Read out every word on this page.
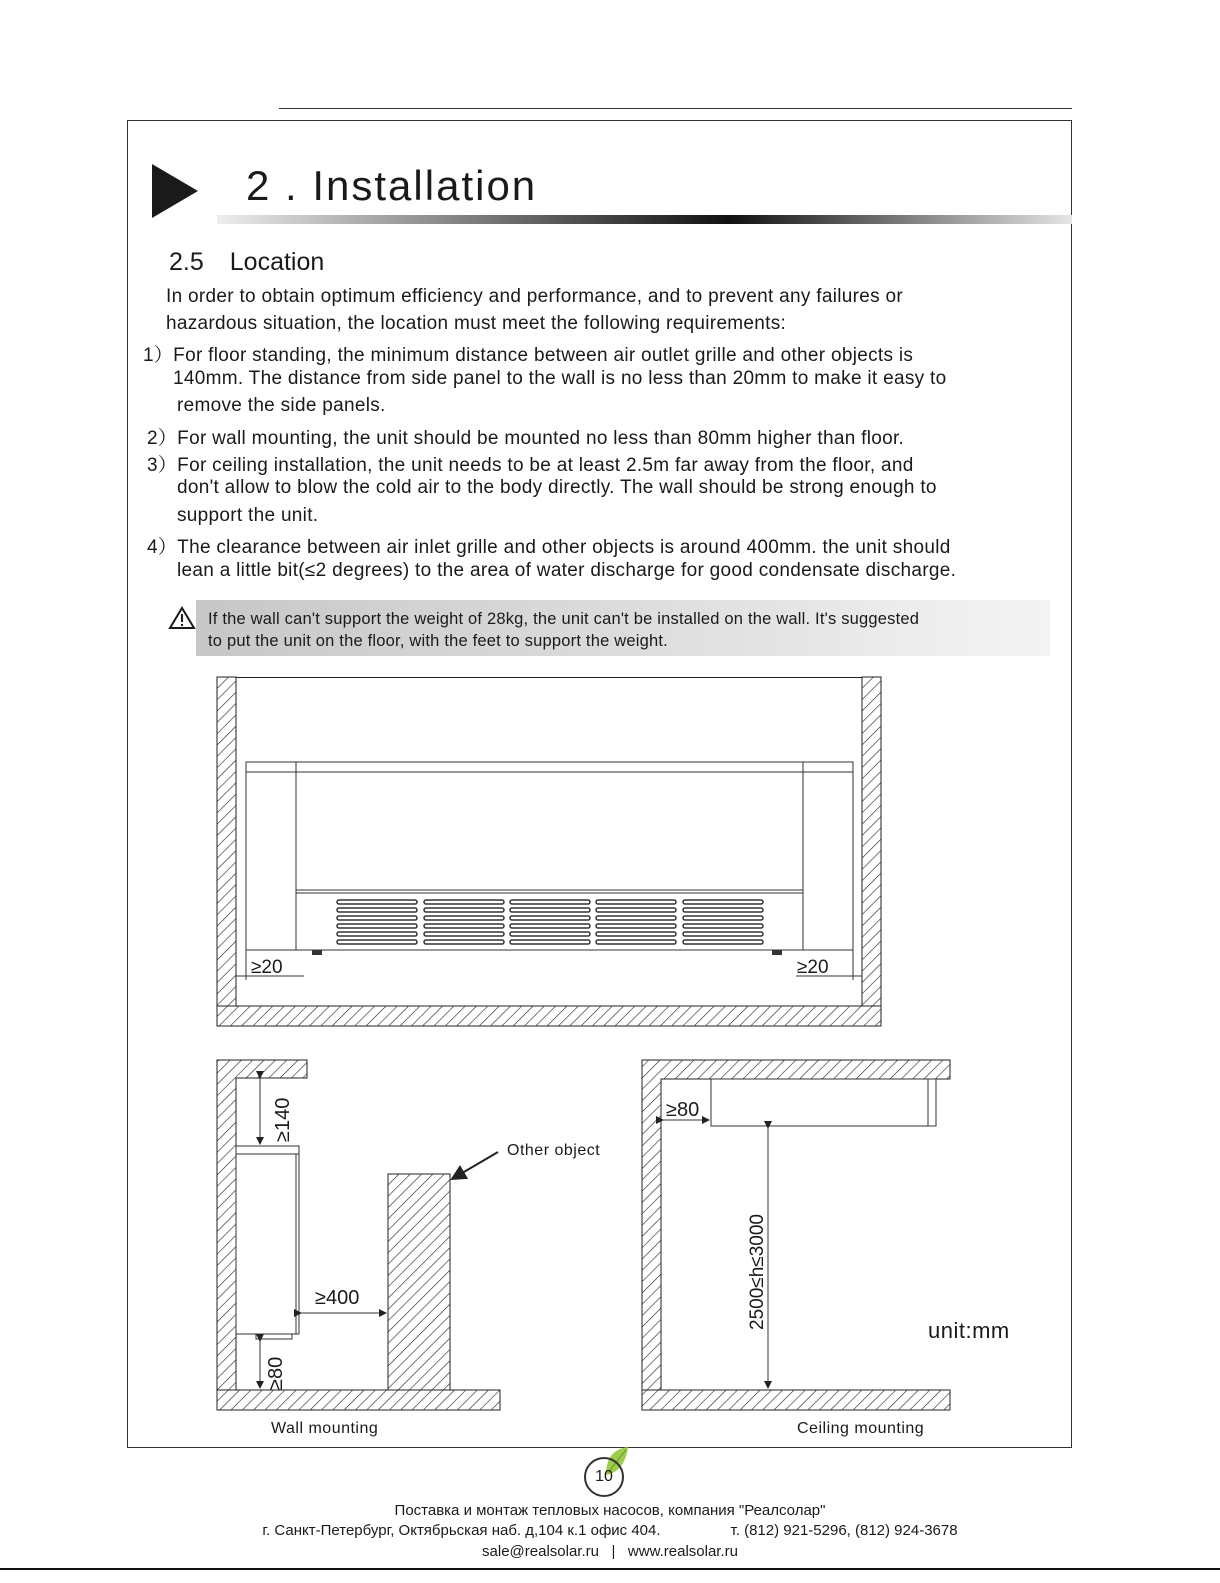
2 . Installation
2.5 Location
In order to obtain optimum efficiency and performance, and to prevent any failures or
hazardous situation, the location must meet the following requirements:
1）For floor standing, the minimum distance between air outlet grille and other objects is
140mm. The distance from side panel to the wall is no less than 20mm to make it easy to
remove the side panels.
2）For wall mounting, the unit should be mounted no less than 80mm higher than floor.
3）For ceiling installation, the unit needs to be at least 2.5m far away from the floor, and
don't allow to blow the cold air to the body directly. The wall should be strong enough to
support the unit.
4）The clearance between air inlet grille and other objects is around 400mm. the unit should
lean a little bit(≤2 degrees) to the area of water discharge for good condensate discharge.
If the wall can't support the weight of 28kg, the unit can't be installed on the wall. It's suggested
to put the unit on the floor, with the feet to support the weight.
≥20	≥20
≥140
≥400
≥80
Other object
≥80
2500≤h≤3000
Wall mounting	Ceiling mounting
unit:mm
10
Поставка и монтаж тепловых насосов, компания "Реалсолар"
г. Санкт-Петербург, Октябрьская наб. д,104 к.1 офис 404.	т. (812) 921-5296, (812) 924-3678
sale@realsolar.ru | www.realsolar.ru
